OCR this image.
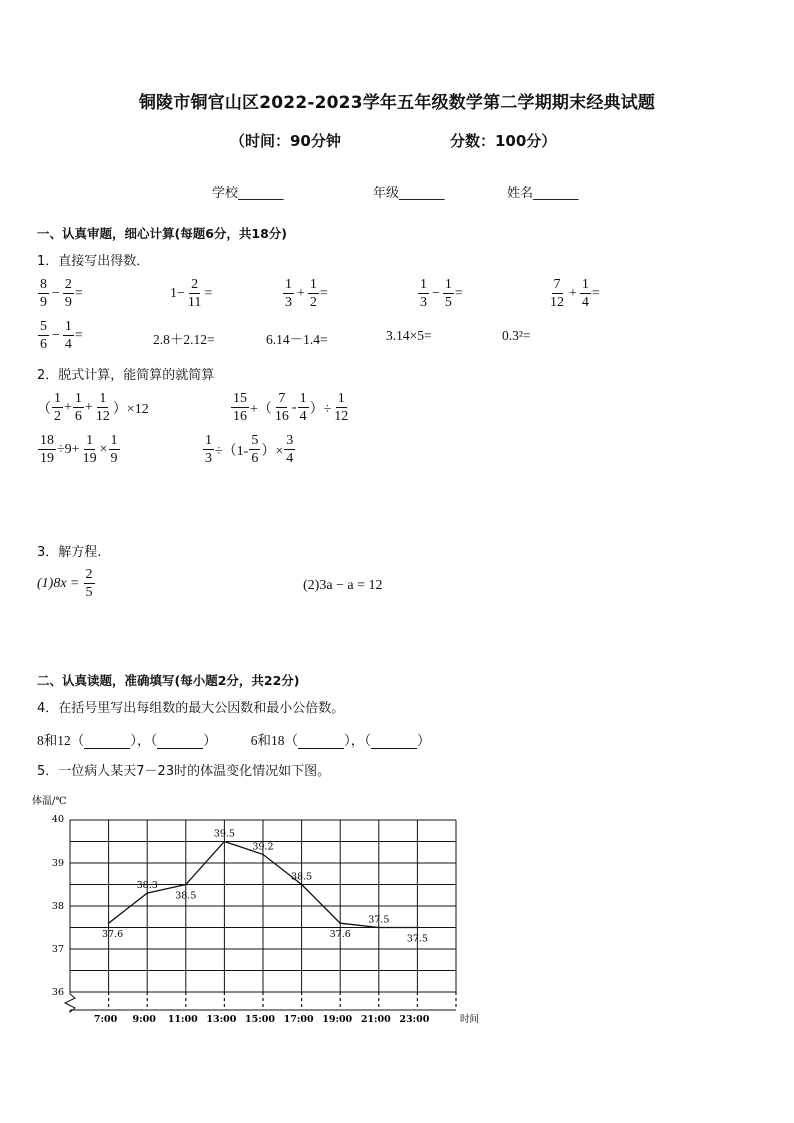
铜陵市铜官山区2022-2023学年五年级数学第二学期期末经典试题
（时间：90分钟	分数：100分）
学校_______	年级_______	姓名_______
一、认真审题，细心计算(每题6分，共18分)
1．直接写出得数．
$\frac{8}{9} - \frac{2}{9}$ =	$1- \frac{2}{11}$ =	$\frac{1}{3} + \frac{1}{2}$ =	$\frac{1}{3} - \frac{1}{5}$ =	$\frac{7}{12} + \frac{1}{4}$ =
$\frac{5}{6} - \frac{1}{4}$ =	2.8＋2.12=	6.14－1.4=	3.14×5=	0.3²=
2．脱式计算，能简算的就简算
（ $\frac{1}{2} + \frac{1}{6} + \frac{1}{12} )\times 12$	$\frac{15}{16}$ +（ $\frac{7}{16} - \frac{1}{4}$ ）÷ $\frac{1}{12}$
$\frac{18}{19} \div 9+ \frac{1}{19} \times \frac{1}{9}$	$\frac{1}{3} \div(1- \frac{5}{6}$ ）× $\frac{3}{4}$
3．解方程.
$(1)8x = \frac{2}{5}$	(2)3a − a = 12
二、认真读题，准确填写(每小题2分，共22分)
4．在括号里写出每组数的最大公因数和最小公倍数。
8和12（	），（	）	6和18（	），（	）
5．一位病人某天7－23时的体温变化情况如下图。
体温/℃
36
37
38
39
40
7:00 9:00 11:00 13:00 15:00 17:00 19:00 21:00 23:00	时间
37.6
38.3
38.5
39.5
39.2
38.5
37.6
37.5
37.5
